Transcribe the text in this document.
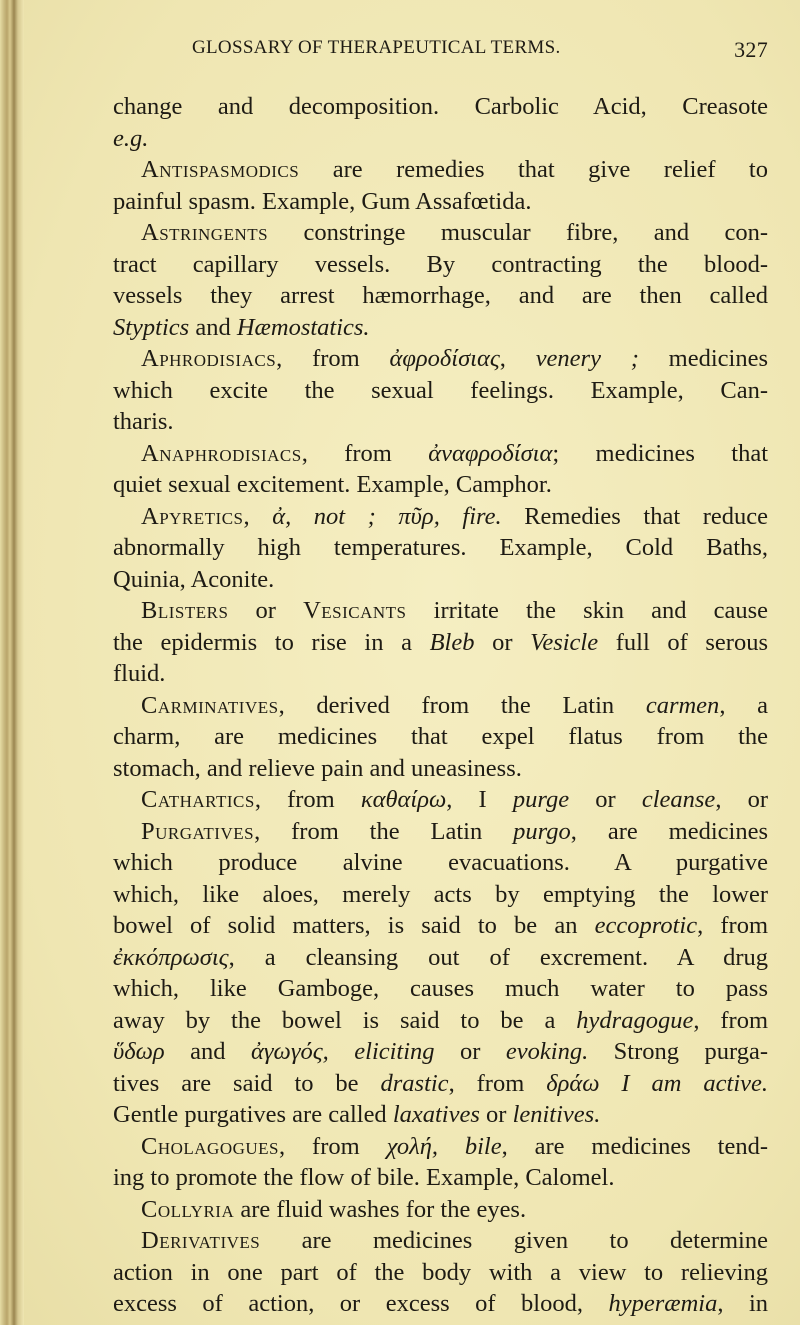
GLOSSARY OF THERAPEUTICAL TERMS.	327
change and decomposition. Carbolic Acid, Creasote
e.g.
Antispasmodics are remedies that give relief to
painful spasm. Example, Gum Assafœtida.
Astringents constringe muscular fibre, and con-
tract capillary vessels. By contracting the blood-
vessels they arrest hæmorrhage, and are then called
Styptics and Hæmostatics.
Aphrodisiacs, from ἀφροδίσιας, venery ; medicines
which excite the sexual feelings. Example, Can-
tharis.
Anaphrodisiacs, from ἀναφροδίσια; medicines that
quiet sexual excitement. Example, Camphor.
Apyretics, ἀ, not ; πῦρ, fire. Remedies that reduce
abnormally high temperatures. Example, Cold Baths,
Quinia, Aconite.
Blisters or Vesicants irritate the skin and cause
the epidermis to rise in a Bleb or Vesicle full of serous
fluid.
Carminatives, derived from the Latin carmen, a
charm, are medicines that expel flatus from the
stomach, and relieve pain and uneasiness.
Cathartics, from καθαίρω, I purge or cleanse, or
Purgatives, from the Latin purgo, are medicines
which produce alvine evacuations. A purgative
which, like aloes, merely acts by emptying the lower
bowel of solid matters, is said to be an eccoprotic, from
ἐκκόπρωσις, a cleansing out of excrement. A drug
which, like Gamboge, causes much water to pass
away by the bowel is said to be a hydragogue, from
ὕδωρ and ἀγωγός, eliciting or evoking. Strong purga-
tives are said to be drastic, from δράω I am active.
Gentle purgatives are called laxatives or lenitives.
Cholagogues, from χολή, bile, are medicines tend-
ing to promote the flow of bile. Example, Calomel.
Collyria are fluid washes for the eyes.
Derivatives are medicines given to determine
action in one part of the body with a view to relieving
excess of action, or excess of blood, hyperæmia, in
